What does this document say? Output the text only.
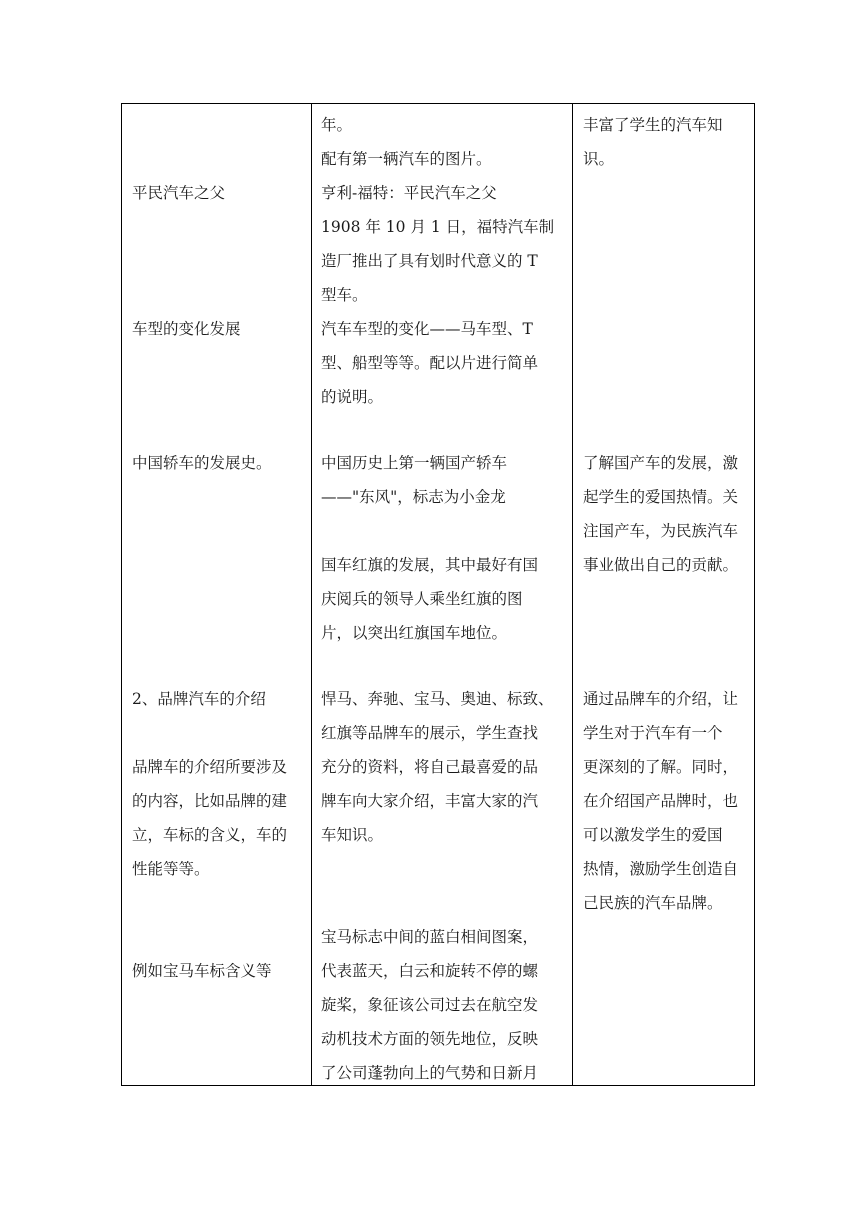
平民汽车之父
车型的变化发展
中国轿车的发展史。
2、品牌汽车的介绍
品牌车的介绍所要涉及
的内容，比如品牌的建
立，车标的含义，车的
性能等等。
例如宝马车标含义等
年。
配有第一辆汽车的图片。
亨利-福特：平民汽车之父
1908 年 10 月 1 日，福特汽车制
造厂推出了具有划时代意义的 T
型车。
汽车车型的变化——马车型、T
型、船型等等。配以片进行简单
的说明。
中国历史上第一辆国产轿车
——"东风"，标志为小金龙
国车红旗的发展，其中最好有国
庆阅兵的领导人乘坐红旗的图
片，以突出红旗国车地位。
悍马、奔驰、宝马、奥迪、标致、
红旗等品牌车的展示，学生查找
充分的资料，将自己最喜爱的品
牌车向大家介绍，丰富大家的汽
车知识。
宝马标志中间的蓝白相间图案，
代表蓝天，白云和旋转不停的螺
旋桨，象征该公司过去在航空发
动机技术方面的领先地位，反映
了公司蓬勃向上的气势和日新月
丰富了学生的汽车知
识。
了解国产车的发展，激
起学生的爱国热情。关
注国产车，为民族汽车
事业做出自己的贡献。
通过品牌车的介绍，让
学生对于汽车有一个
更深刻的了解。同时，
在介绍国产品牌时，也
可以激发学生的爱国
热情，激励学生创造自
己民族的汽车品牌。
